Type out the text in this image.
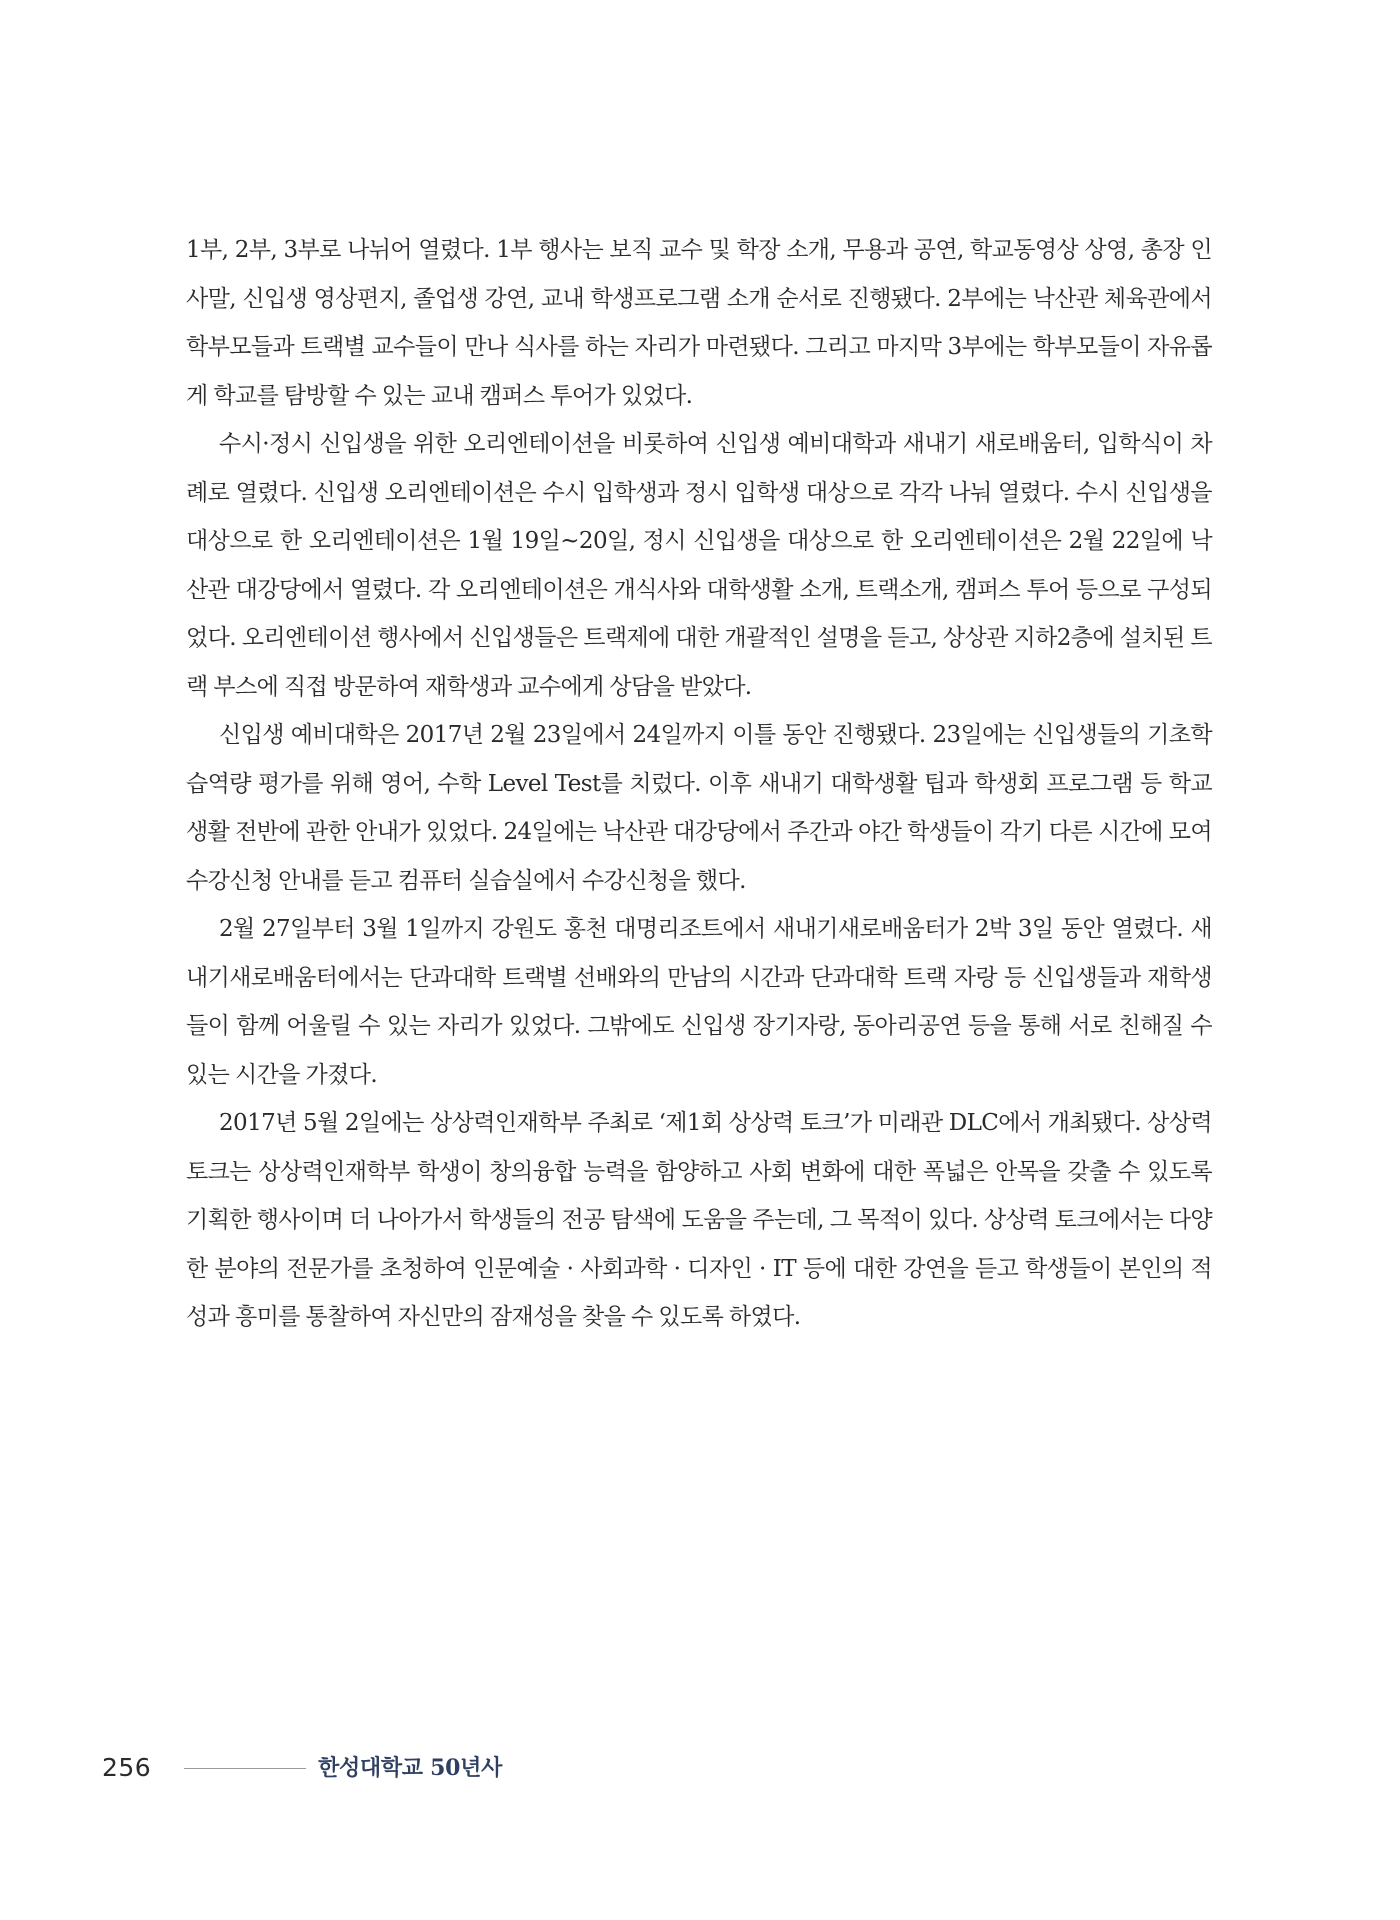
1부, 2부, 3부로 나뉘어 열렸다. 1부 행사는 보직 교수 및 학장 소개, 무용과 공연, 학교동영상 상영, 총장 인사말, 신입생 영상편지, 졸업생 강연, 교내 학생프로그램 소개 순서로 진행됐다. 2부에는 낙산관 체육관에서 학부모들과 트랙별 교수들이 만나 식사를 하는 자리가 마련됐다. 그리고 마지막 3부에는 학부모들이 자유롭게 학교를 탐방할 수 있는 교내 캠퍼스 투어가 있었다.

수시·정시 신입생을 위한 오리엔테이션을 비롯하여 신입생 예비대학과 새내기 새로배움터, 입학식이 차례로 열렸다. 신입생 오리엔테이션은 수시 입학생과 정시 입학생 대상으로 각각 나눠 열렸다. 수시 신입생을 대상으로 한 오리엔테이션은 1월 19일~20일, 정시 신입생을 대상으로 한 오리엔테이션은 2월 22일에 낙산관 대강당에서 열렸다. 각 오리엔테이션은 개식사와 대학생활 소개, 트랙소개, 캠퍼스 투어 등으로 구성되었다. 오리엔테이션 행사에서 신입생들은 트랙제에 대한 개괄적인 설명을 듣고, 상상관 지하2층에 설치된 트랙 부스에 직접 방문하여 재학생과 교수에게 상담을 받았다.

신입생 예비대학은 2017년 2월 23일에서 24일까지 이틀 동안 진행됐다. 23일에는 신입생들의 기초학습역량 평가를 위해 영어, 수학 Level Test를 치렀다. 이후 새내기 대학생활 팁과 학생회 프로그램 등 학교생활 전반에 관한 안내가 있었다. 24일에는 낙산관 대강당에서 주간과 야간 학생들이 각기 다른 시간에 모여 수강신청 안내를 듣고 컴퓨터 실습실에서 수강신청을 했다.

2월 27일부터 3월 1일까지 강원도 홍천 대명리조트에서 새내기새로배움터가 2박 3일 동안 열렸다. 새내기새로배움터에서는 단과대학 트랙별 선배와의 만남의 시간과 단과대학 트랙 자랑 등 신입생들과 재학생들이 함께 어울릴 수 있는 자리가 있었다. 그밖에도 신입생 장기자랑, 동아리공연 등을 통해 서로 친해질 수 있는 시간을 가졌다.

2017년 5월 2일에는 상상력인재학부 주최로 ‘제1회 상상력 토크’가 미래관 DLC에서 개최됐다. 상상력 토크는 상상력인재학부 학생이 창의융합 능력을 함양하고 사회 변화에 대한 폭넓은 안목을 갖출 수 있도록 기획한 행사이며 더 나아가서 학생들의 전공 탐색에 도움을 주는데, 그 목적이 있다. 상상력 토크에서는 다양한 분야의 전문가를 초청하여 인문예술 · 사회과학 · 디자인 · IT 등에 대한 강연을 듣고 학생들이 본인의 적성과 흥미를 통찰하여 자신만의 잠재성을 찾을 수 있도록 하였다.

256	한성대학교 50년사
